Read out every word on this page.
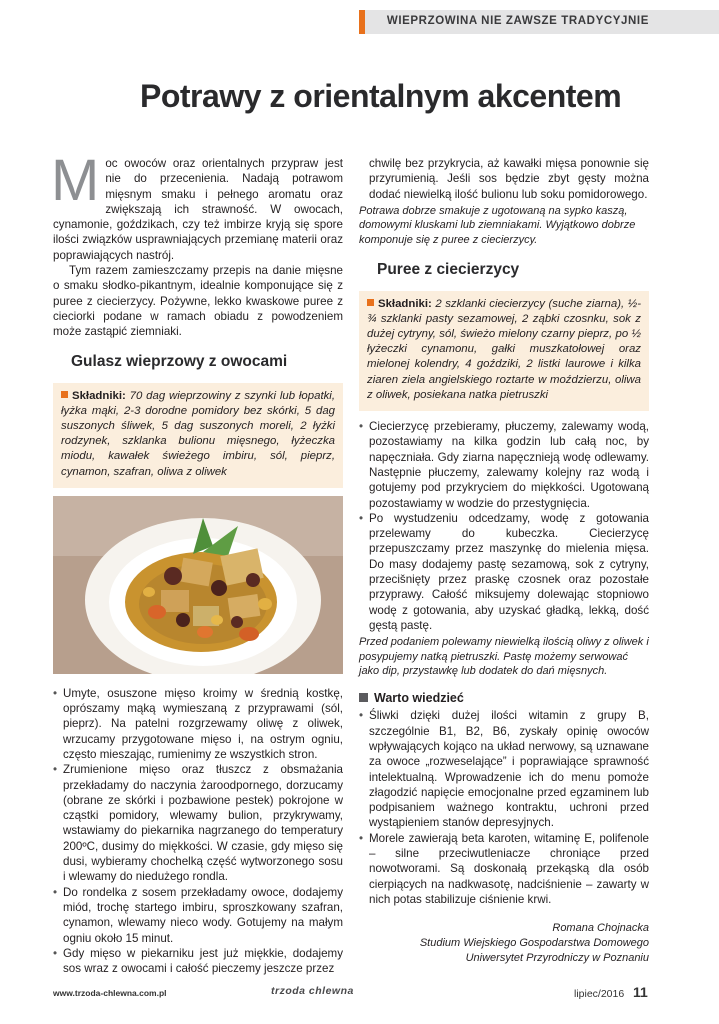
WIEPRZOWINA NIE ZAWSZE TRADYCYJNIE
Potrawy z orientalnym akcentem

Moc owoców oraz orientalnych przypraw jest nie do przecenienia. Nadają potrawom mięsnym smaku i pełnego aromatu oraz zwiększają ich strawność. W owocach, cynamonie, goździkach, czy też imbirze kryją się spore ilości związków usprawniających przemianę materii oraz poprawiających nastrój.

Tym razem zamieszczamy przepis na danie mięsne o smaku słodko-pikantnym, idealnie komponujące się z puree z ciecierzycy. Pożywne, lekko kwaskowe puree z cieciorki podane w ramach obiadu z powodzeniem może zastąpić ziemniaki.

Gulasz wieprzowy z owocami
Składniki: 70 dag wieprzowiny z szynki lub łopatki, łyżka mąki, 2-3 dorodne pomidory bez skórki, 5 dag suszonych śliwek, 5 dag suszonych moreli, 2 łyżki rodzynek, szklanka bulionu mięsnego, łyżeczka miodu, kawałek świeżego imbiru, sól, pieprz, cynamon, szafran, oliwa z oliwek
• Umyte, osuszone mięso kroimy w średnią kostkę, oprószamy mąką wymieszaną z przyprawami (sól, pieprz). Na patelni rozgrzewamy oliwę z oliwek, wrzucamy przygotowane mięso i, na ostrym ogniu, często mieszając, rumienimy ze wszystkich stron.
• Zrumienione mięso oraz tłuszcz z obsmażania przekładamy do naczynia żaroodpornego, dorzucamy (obrane ze skórki i pozbawione pestek) pokrojone w cząstki pomidory, wlewamy bulion, przykrywamy, wstawiamy do piekarnika nagrzanego do temperatury 200ºC, dusimy do miękkości. W czasie, gdy mięso się dusi, wybieramy chochelką część wytworzonego sosu i wlewamy do niedużego rondla.
• Do rondelka z sosem przekładamy owoce, dodajemy miód, trochę startego imbiru, sproszkowany szafran, cynamon, wlewamy nieco wody. Gotujemy na małym ogniu około 15 minut.
• Gdy mięso w piekarniku jest już miękkie, dodajemy sos wraz z owocami i całość pieczemy jeszcze przez

chwilę bez przykrycia, aż kawałki mięsa ponownie się przyrumienią. Jeśli sos będzie zbyt gęsty można dodać niewielką ilość bulionu lub soku pomidorowego.

Potrawa dobrze smakuje z ugotowaną na sypko kaszą, domowymi kluskami lub ziemniakami. Wyjątkowo dobrze komponuje się z puree z ciecierzycy.

Puree z ciecierzycy
Składniki: 2 szklanki ciecierzycy (suche ziarna), ½-¾ szklanki pasty sezamowej, 2 ząbki czosnku, sok z dużej cytryny, sól, świeżo mielony czarny pieprz, po ½ łyżeczki cynamonu, gałki muszkatołowej oraz mielonej kolendry, 4 goździki, 2 listki laurowe i kilka ziaren ziela angielskiego roztarte w moździerzu, oliwa z oliwek, posiekana natka pietruszki
• Ciecierzycę przebieramy, płuczemy, zalewamy wodą, pozostawiamy na kilka godzin lub całą noc, by napęczniała. Gdy ziarna napęcznieją wodę odlewamy. Następnie płuczemy, zalewamy kolejny raz wodą i gotujemy pod przykryciem do miękkości. Ugotowaną pozostawiamy w wodzie do przestygnięcia.
• Po wystudzeniu odcedzamy, wodę z gotowania przelewamy do kubeczka. Ciecierzycę przepuszczamy przez maszynkę do mielenia mięsa. Do masy dodajemy pastę sezamową, sok z cytryny, przecišnięty przez praskę czosnek oraz pozostałe przyprawy. Całość miksujemy dolewając stopniowo wodę z gotowania, aby uzyskać gładką, lekką, dość gęstą pastę.

Przed podaniem polewamy niewielką ilością oliwy z oliwek i posypujemy natką pietruszki. Pastę możemy serwować jako dip, przystawkę lub dodatek do dań mięsnych.

Warto wiedzieć
• Śliwki dzięki dużej ilości witamin z grupy B, szczególnie B1, B2, B6, zyskały opinię owoców wpływających kojąco na układ nerwowy, są uznawane za owoce „rozweselające” i poprawiające sprawność intelektualną. Wprowadzenie ich do menu pomoże złagodzić napięcie emocjonalne przed egzaminem lub podpisaniem ważnego kontraktu, uchroni przed wystąpieniem stanów depresyjnych.
• Morele zawierają beta karoten, witaminę E, polifenole – silne przeciwutleniacze chroniące przed nowotworami. Są doskonałą przekąską dla osób cierpiących na nadkwasotę, nadciśnienie – zawarty w nich potas stabilizuje ciśnienie krwi.
Romana Chojnacka
Studium Wiejskiego Gospodarstwa Domowego
Uniwersytet Przyrodniczy w Poznaniu
www.trzoda-chlewna.com.pl	trzoda chlewna	lipiec/2016 11
